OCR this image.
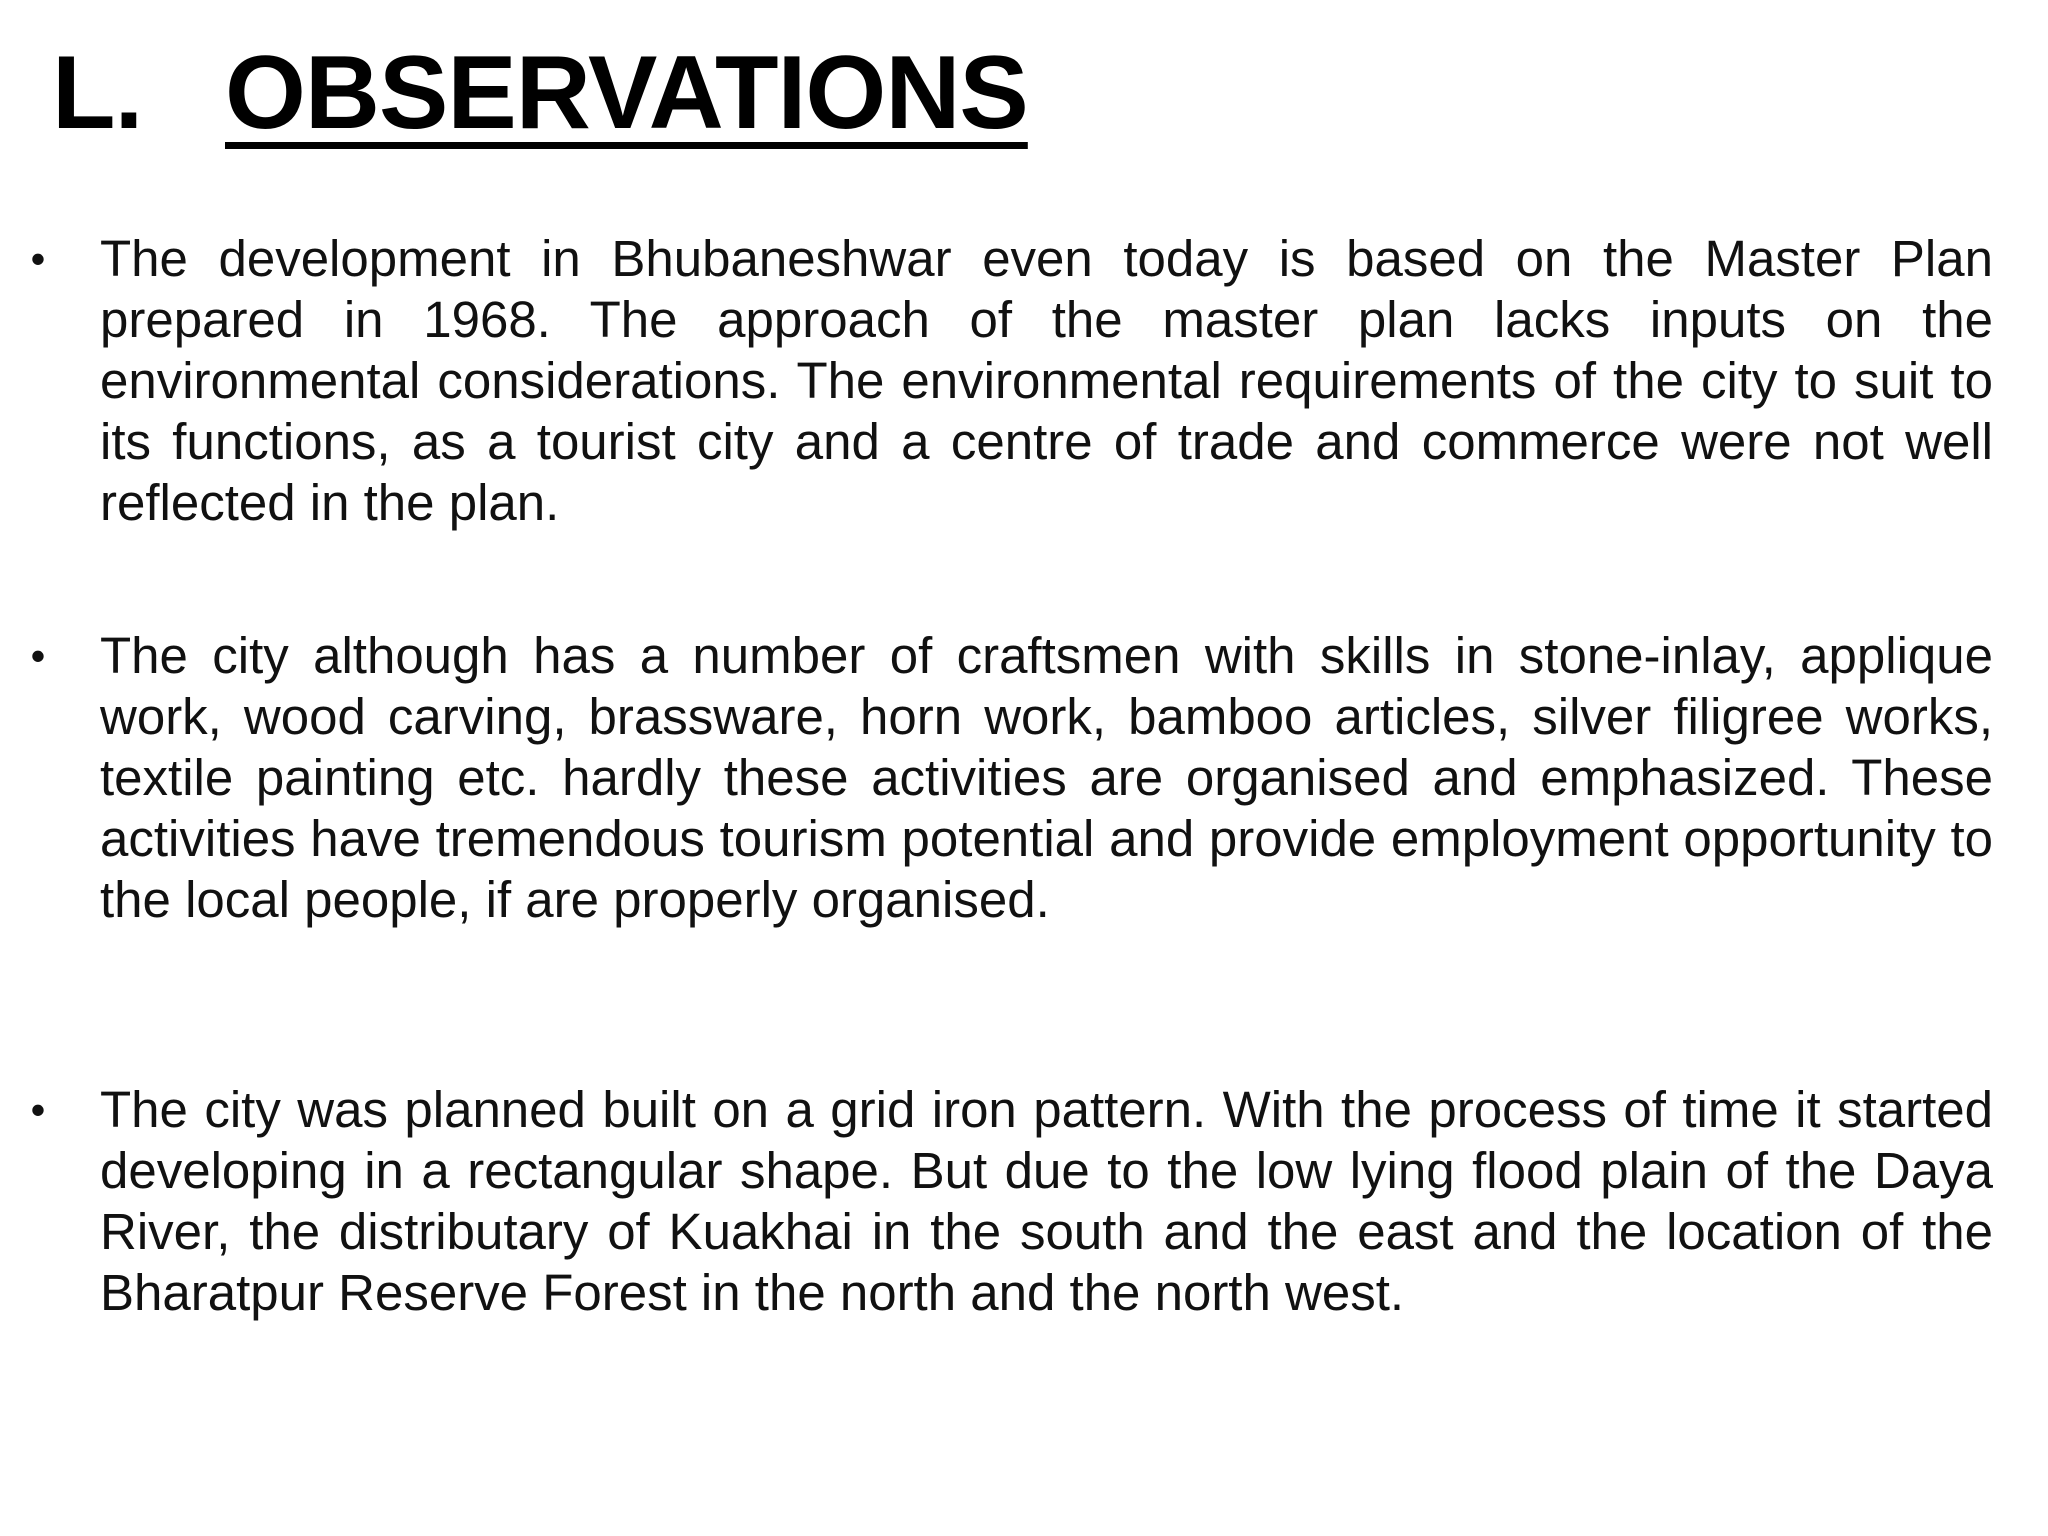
L. OBSERVATIONS
• The development in Bhubaneshwar even today is based on the Master Plan prepared in 1968. The approach of the master plan lacks inputs on the environmental considerations. The environmental requirements of the city to suit to its functions, as a tourist city and a centre of trade and commerce were not well reflected in the plan.
• The city although has a number of craftsmen with skills in stone-inlay, applique work, wood carving, brassware, horn work, bamboo articles, silver filigree works, textile painting etc. hardly these activities are organised and emphasized. These activities have tremendous tourism potential and provide employment opportunity to the local people, if are properly organised.
• The city was planned built on a grid iron pattern. With the process of time it started developing in a rectangular shape. But due to the low lying flood plain of the Daya River, the distributary of Kuakhai in the south and the east and the location of the Bharatpur Reserve Forest in the north and the north west.
